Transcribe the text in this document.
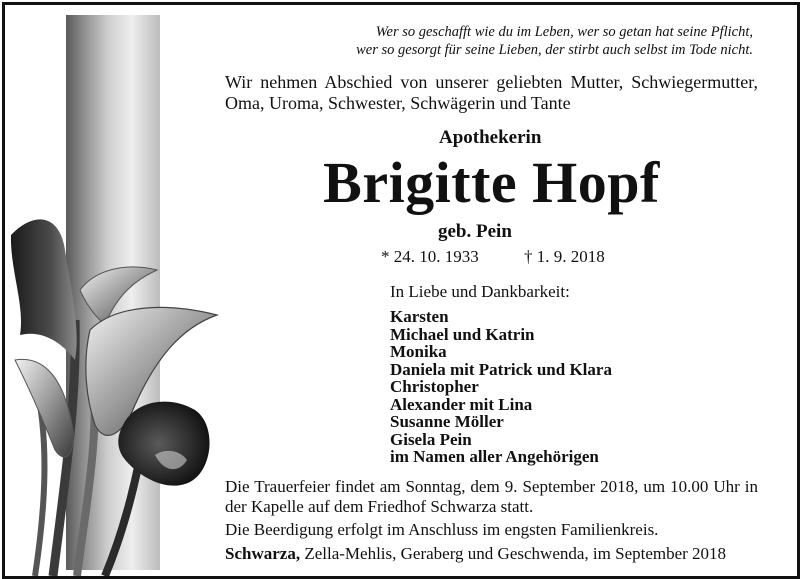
Wer so geschafft wie du im Leben, wer so getan hat seine Pflicht,
wer so gesorgt für seine Lieben, der stirbt auch selbst im Tode nicht.
Wir nehmen Abschied von unserer geliebten Mutter, Schwiegermutter, Oma, Uroma, Schwester, Schwägerin und Tante
Apothekerin
Brigitte Hopf
geb. Pein
* 24. 10. 1933	† 1. 9. 2018
In Liebe und Dankbarkeit:
Karsten
Michael und Katrin
Monika
Daniela mit Patrick und Klara
Christopher
Alexander mit Lina
Susanne Möller
Gisela Pein
im Namen aller Angehörigen
Die Trauerfeier findet am Sonntag, dem 9. September 2018, um 10.00 Uhr in der Kapelle auf dem Friedhof Schwarza statt.
Die Beerdigung erfolgt im Anschluss im engsten Familienkreis.
Schwarza, Zella-Mehlis, Geraberg und Geschwenda, im September 2018
